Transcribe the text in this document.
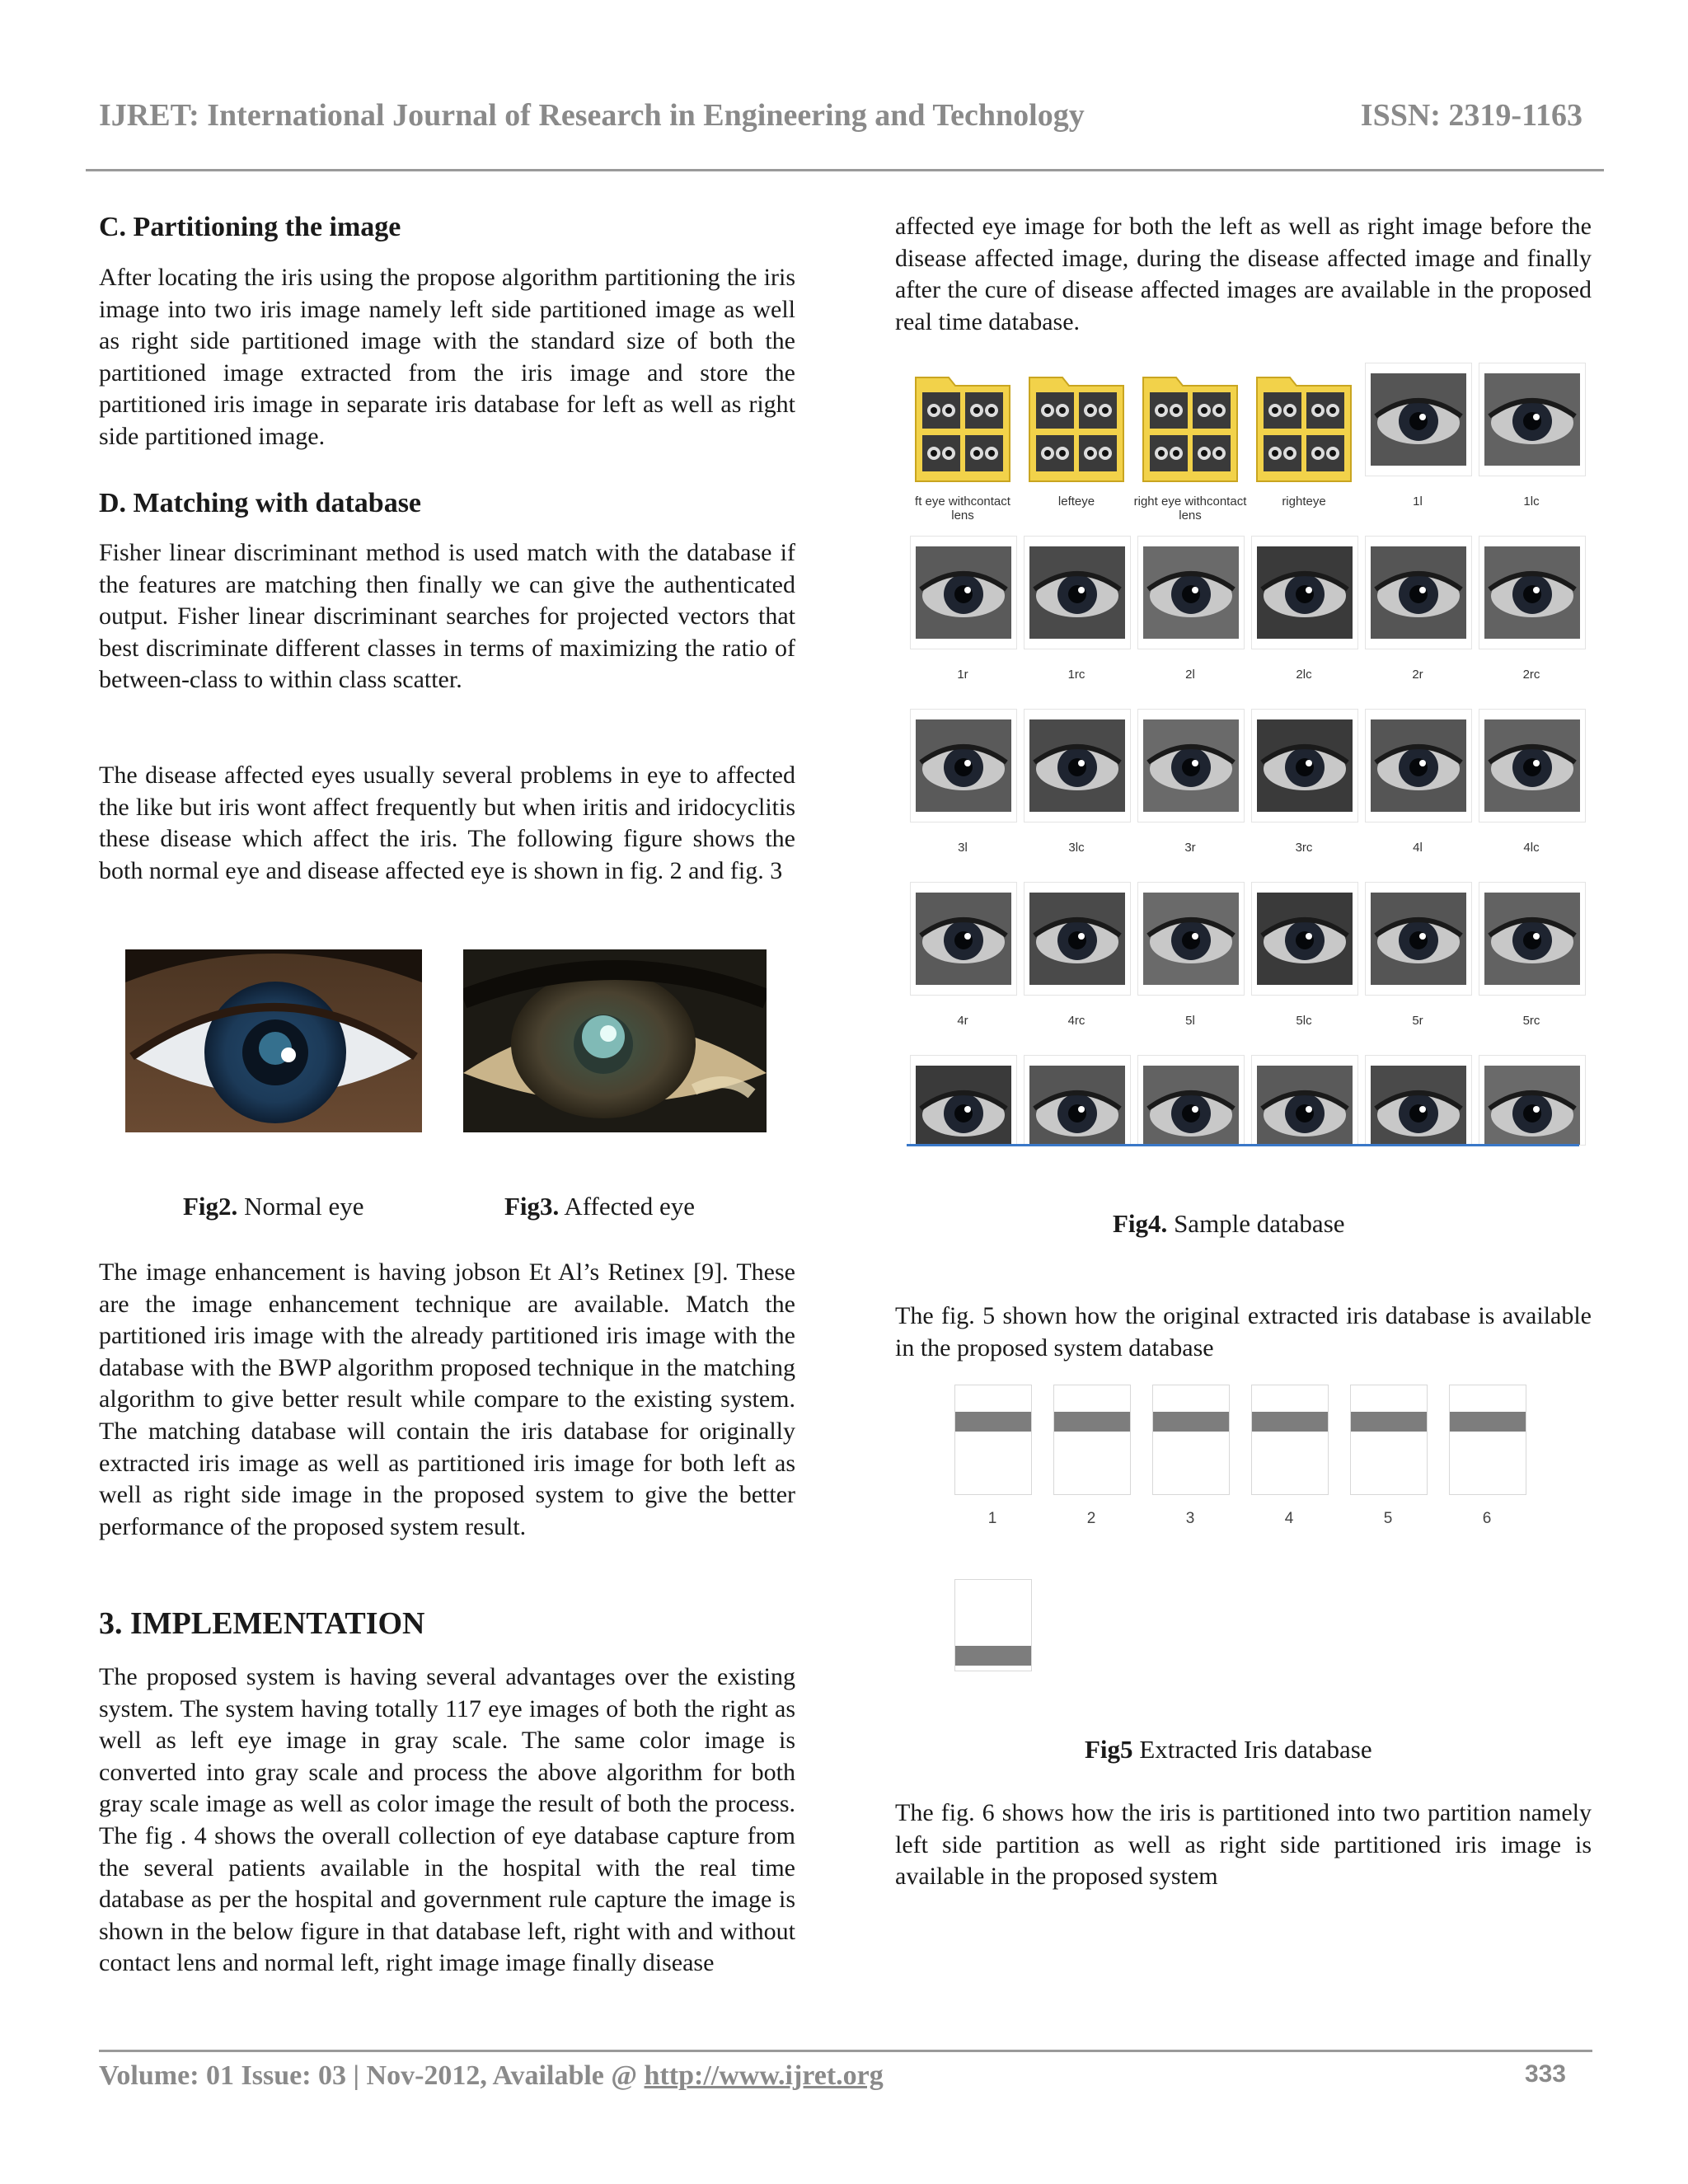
IJRET: International Journal of Research in Engineering and Technology	ISSN: 2319-1163
C. Partitioning the image

After locating the iris using the propose algorithm partitioning the iris image into two iris image namely left side partitioned image as well as right side partitioned image with the standard size of both the partitioned image extracted from the iris image and store the partitioned iris image in separate iris database for left as well as right side partitioned image.

D. Matching with database

Fisher linear discriminant method is used match with the database if the features are matching then finally we can give the authenticated output. Fisher linear discriminant searches for projected vectors that best discriminate different classes in terms of maximizing the ratio of between-class to within class scatter.

The disease affected eyes usually several problems in eye to affected the like but iris wont affect frequently but when iritis and iridocyclitis these disease which affect the iris. The following figure shows the both normal eye and disease affected eye is shown in fig. 2 and fig. 3

Fig2. Normal eye	Fig3. Affected eye

The image enhancement is having jobson Et Al’s Retinex [9]. These are the image enhancement technique are available. Match the partitioned iris image with the already partitioned iris image with the database with the BWP algorithm proposed technique in the matching algorithm to give better result while compare to the existing system. The matching database will contain the iris database for originally extracted iris image as well as partitioned iris image for both left as well as right side image in the proposed system to give the better performance of the proposed system result.

3. IMPLEMENTATION

The proposed system is having several advantages over the existing system. The system having totally 117 eye images of both the right as well as left eye image in gray scale. The same color image is converted into gray scale and process the above algorithm for both gray scale image as well as color image the result of both the process. The fig . 4 shows the overall collection of eye database capture from the several patients available in the hospital with the real time database as per the hospital and government rule capture the image is shown in the below figure in that database left, right with and without contact lens and normal left, right image image finally disease

affected eye image for both the left as well as right image before the disease affected image, during the disease affected image and finally after the cure of disease affected images are available in the proposed real time database.

ft eye withcontact lens
lefteye	right eye withcontact lens
righteye	1l	1lc
1r	1rc	2l	2lc	2r	2rc
3l	3lc	3r	3rc	4l	4lc
4r	4rc	5l	5lc	5r	5rc
Fig4. Sample database

The fig. 5 shown how the original extracted iris database is available in the proposed system database

1	2	3	4	5	6
Fig5 Extracted Iris database

The fig. 6 shows how the iris is partitioned into two partition namely left side partition as well as right side partitioned iris image is available in the proposed system

Volume: 01 Issue: 03 | Nov-2012, Available @ http://www.ijret.org	333
